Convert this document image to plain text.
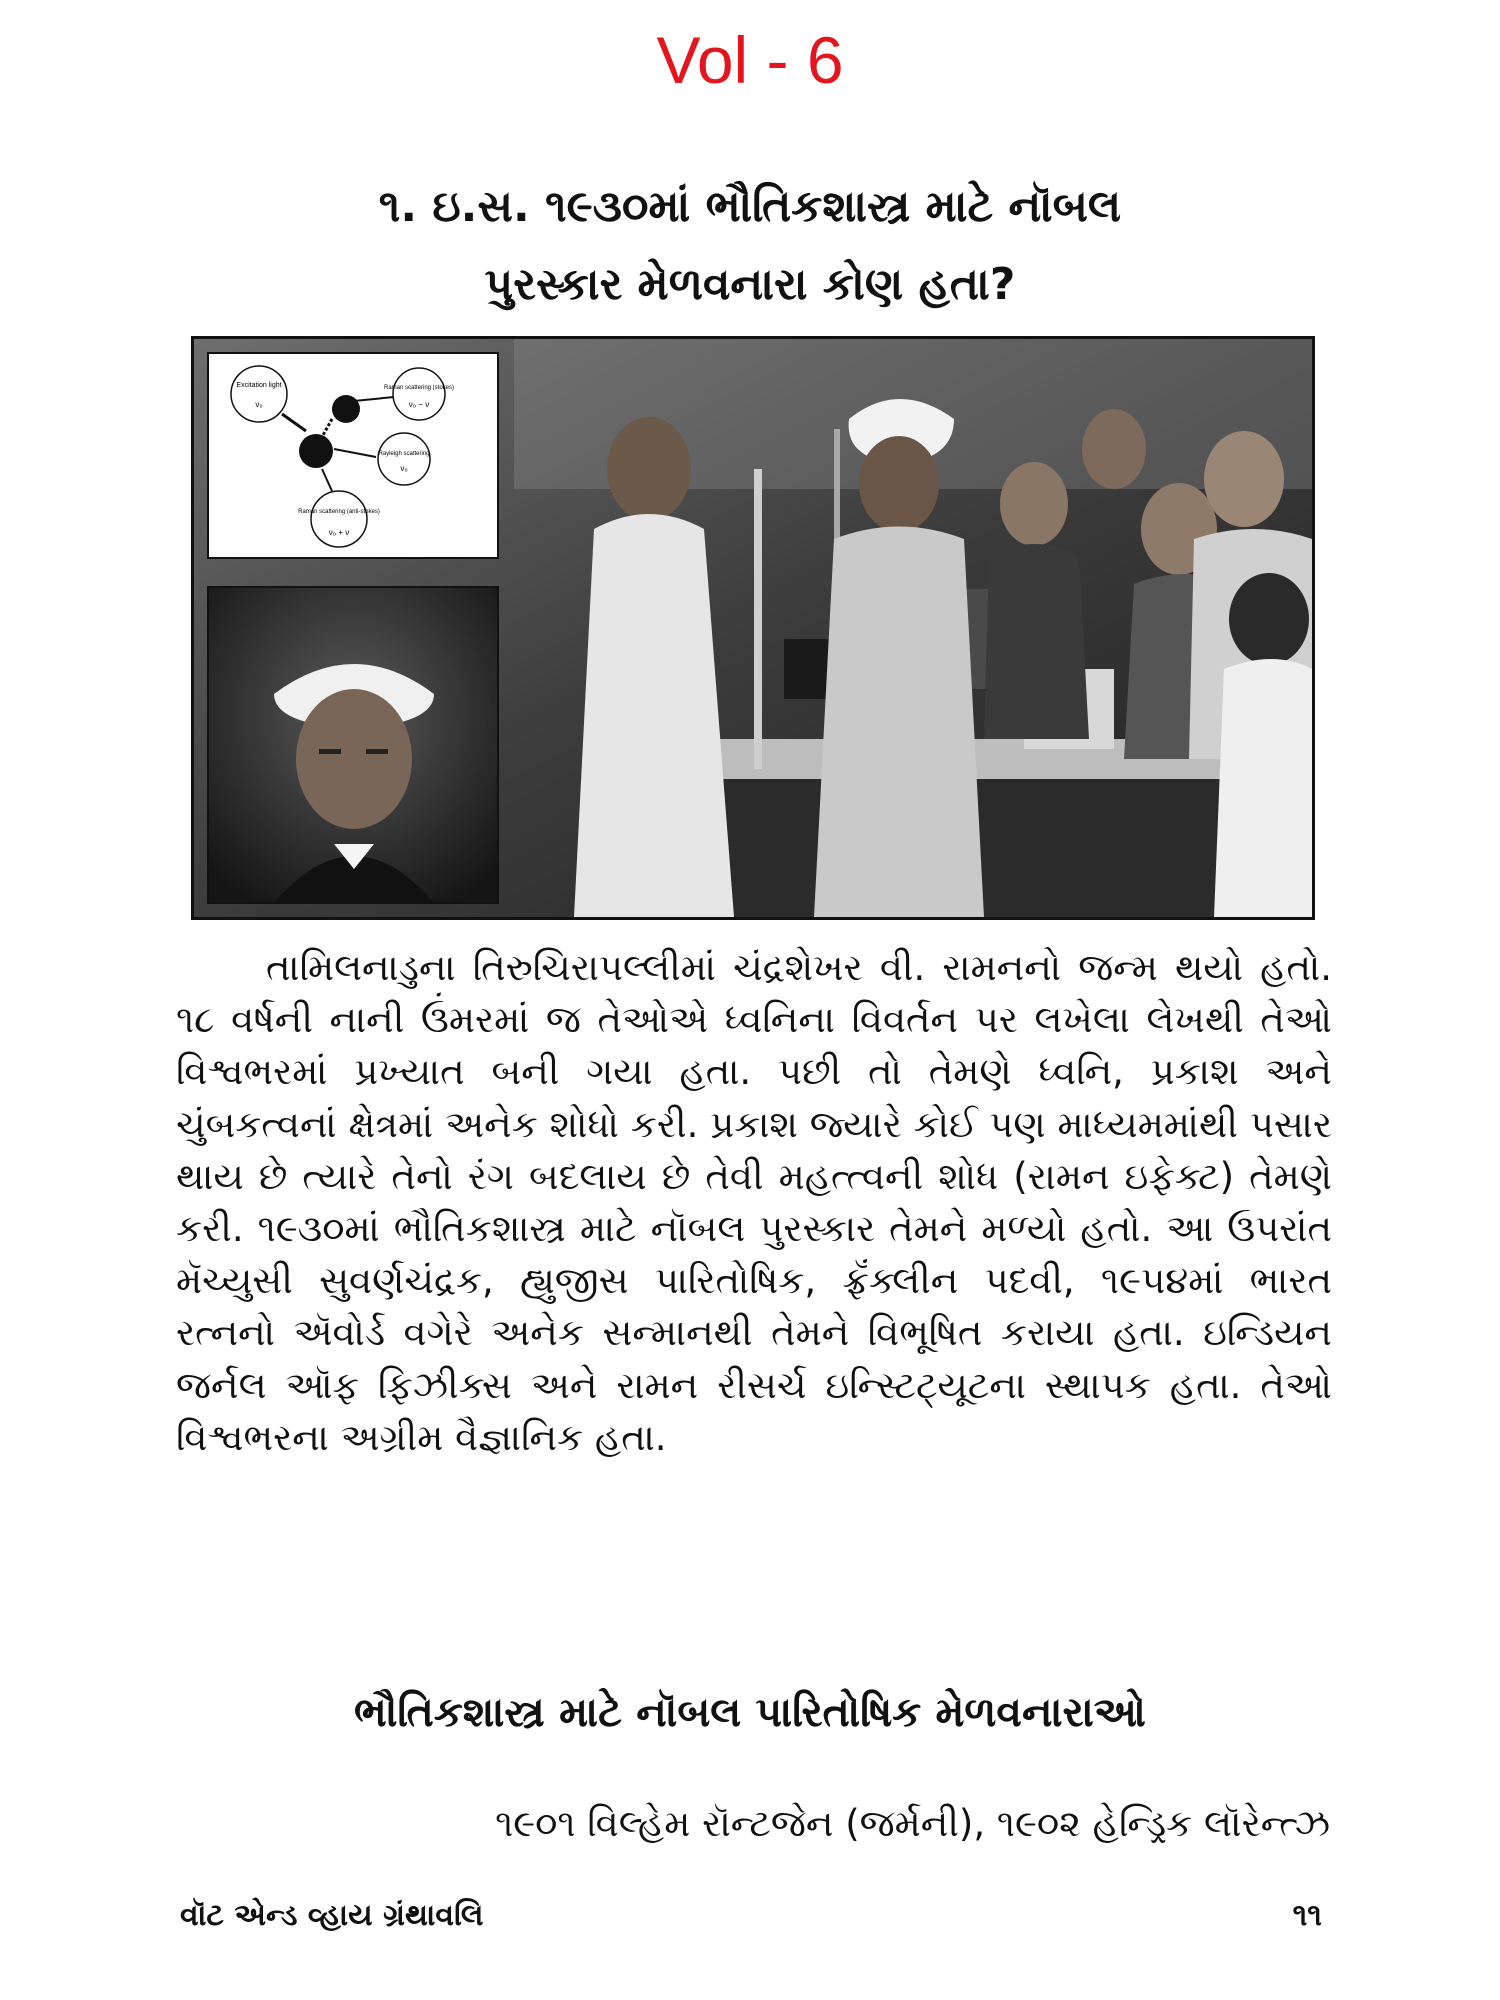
Vol - 6
૧. ઇ.સ. ૧૯૩૦માં ભૌતિકશાસ્ત્ર માટે નૉબલ
પુરસ્કાર મેળવનારા કોણ હતા?
Excitation light
ν₀
Raman scattering (stokes)
ν₀ − ν
Rayleigh scattering
ν₀
Raman scattering (anti-stokes)
ν₀ + ν

તામિલનાડુના તિરુચિરાપલ્લીમાં ચંદ્રશેખર વી. રામનનો જન્મ થયો હતો. ૧૮ વર્ષની નાની ઉંમરમાં જ તેઓએ ધ્વનિના વિવર્તન પર લખેલા લેખથી તેઓ વિશ્વભરમાં પ્રખ્યાત બની ગયા હતા. પછી તો તેમણે ધ્વનિ, પ્રકાશ અને ચુંબકત્વનાં ક્ષેત્રમાં અનેક શોધો કરી. પ્રકાશ જ્યારે કોઈ પણ માધ્યમમાંથી પસાર થાય છે ત્યારે તેનો રંગ બદલાય છે તેવી મહત્ત્વની શોધ (રામન ઇફેક્ટ) તેમણે કરી. ૧૯૩૦માં ભૌતિકશાસ્ત્ર માટે નૉબલ પુરસ્કાર તેમને મળ્યો હતો. આ ઉપરાંત મૅચ્યુસી સુવર્ણચંદ્રક, હ્યુજીસ પારિતોષિક, ફ્રૅંક્લીન પદવી, ૧૯૫૪માં ભારત રત્નનો ઍવોર્ડ વગેરે અનેક સન્માનથી તેમને વિભૂષિત કરાયા હતા. ઇન્ડિયન જર્નલ ઑફ ફિઝીક્સ અને રામન રીસર્ચ ઇન્સ્ટિટ્યૂટના સ્થાપક હતા. તેઓ વિશ્વભરના અગ્રીમ વૈજ્ઞાનિક હતા.

ભૌતિકશાસ્ત્ર માટે નૉબલ પારિતોષિક મેળવનારાઓ
૧૯૦૧ વિલ્હેમ રૉન્ટજેન (જર્મની), ૧૯૦૨ હેન્ડ્રિક લૉરેન્ત્ઝ
વૉટ એન્ડ વ્હાય ગ્રંથાવલિ	૧૧
